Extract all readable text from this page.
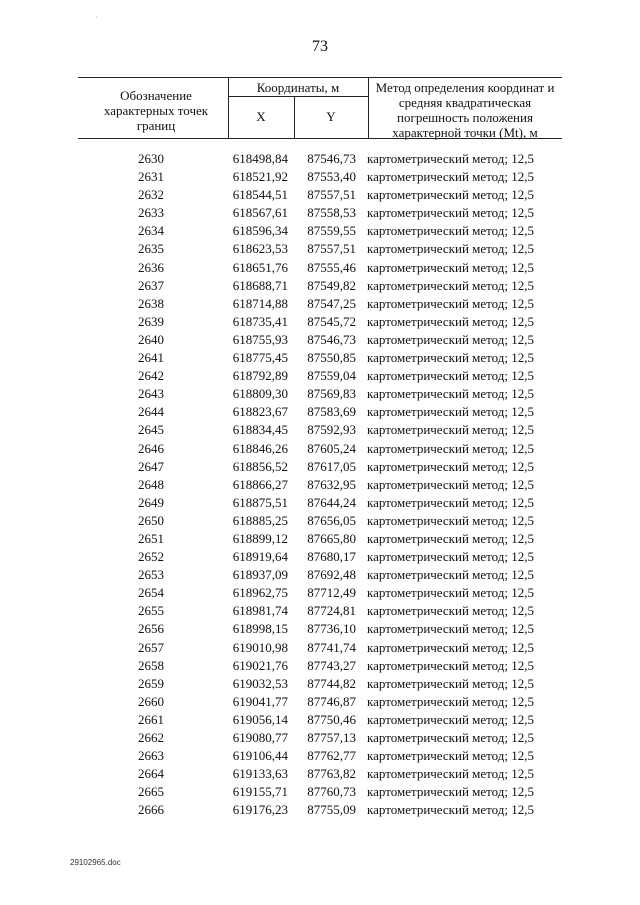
·
73
Обозначение характерных точек границ
Координаты, м
X	Y
Метод определения координат и средняя квадратическая погрешность положения характерной точки (Mt), м
2630	618498,84	87546,73 картометрический метод; 12,5
2631	618521,92	87553,40 картометрический метод; 12,5
2632	618544,51	87557,51 картометрический метод; 12,5
2633	618567,61	87558,53 картометрический метод; 12,5
2634	618596,34	87559,55 картометрический метод; 12,5
2635	618623,53	87557,51 картометрический метод; 12,5
2636	618651,76	87555,46 картометрический метод; 12,5
2637	618688,71	87549,82 картометрический метод; 12,5
2638	618714,88	87547,25 картометрический метод; 12,5
2639	618735,41	87545,72 картометрический метод; 12,5
2640	618755,93	87546,73 картометрический метод; 12,5
2641	618775,45	87550,85 картометрический метод; 12,5
2642	618792,89	87559,04 картометрический метод; 12,5
2643	618809,30	87569,83 картометрический метод; 12,5
2644	618823,67	87583,69 картометрический метод; 12,5
2645	618834,45	87592,93 картометрический метод; 12,5
2646	618846,26	87605,24 картометрический метод; 12,5
2647	618856,52	87617,05 картометрический метод; 12,5
2648	618866,27	87632,95 картометрический метод; 12,5
2649	618875,51	87644,24 картометрический метод; 12,5
2650	618885,25	87656,05 картометрический метод; 12,5
2651	618899,12	87665,80 картометрический метод; 12,5
2652	618919,64	87680,17 картометрический метод; 12,5
2653	618937,09	87692,48 картометрический метод; 12,5
2654	618962,75	87712,49 картометрический метод; 12,5
2655	618981,74	87724,81 картометрический метод; 12,5
2656	618998,15	87736,10 картометрический метод; 12,5
2657	619010,98	87741,74 картометрический метод; 12,5
2658	619021,76	87743,27 картометрический метод; 12,5
2659	619032,53	87744,82 картометрический метод; 12,5
2660	619041,77	87746,87 картометрический метод; 12,5
2661	619056,14	87750,46 картометрический метод; 12,5
2662	619080,77	87757,13 картометрический метод; 12,5
2663	619106,44	87762,77 картометрический метод; 12,5
2664	619133,63	87763,82 картометрический метод; 12,5
2665	619155,71	87760,73 картометрический метод; 12,5
2666	619176,23	87755,09 картометрический метод; 12,5
29102965.doc
